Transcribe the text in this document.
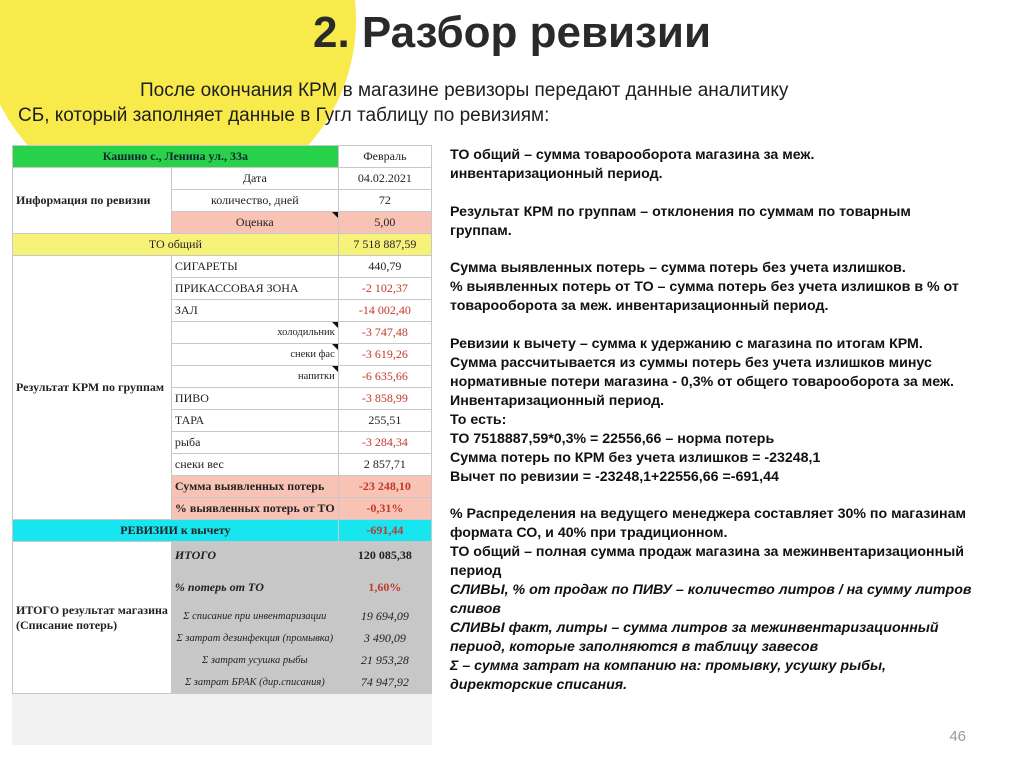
2. Разбор ревизии
После окончания КРМ в магазине ревизоры передают данные аналитику
СБ, который заполняет данные в Гугл таблицу по ревизиям:
Кашино с., Ленина ул., 33а		Февраль
Информация по ревизии	Дата	04.02.2021
	количество, дней	72
	Оценка	5,00
ТО общий		7 518 887,59
Результат КРМ по группам	СИГАРЕТЫ	440,79
	ПРИКАССОВАЯ ЗОНА	-2 102,37
	ЗАЛ	-14 002,40
	холодильник	-3 747,48
	снеки фас	-3 619,26
	напитки	-6 635,66
	ПИВО	-3 858,99
	ТАРА	255,51
	рыба	-3 284,34
	снеки вес	2 857,71
	Сумма выявленных потерь	-23 248,10
	% выявленных потерь от ТО	-0,31%
РЕВИЗИИ к вычету		-691,44
ИТОГО результат магазина
(Списание потерь)	ИТОГО	120 085,38
	% потерь от ТО	1,60%
	Σ списание при инвентаризации	19 694,09
	Σ затрат дезинфекция (промывка)	3 490,09
	Σ затрат усушка рыбы	21 953,28
	Σ затрат БРАК (дир.списания)	74 947,92

ТО общий – сумма товарооборота магазина за меж.
инвентаризационный период.

Результат КРМ по группам – отклонения по суммам по товарным
группам.

Сумма выявленных потерь – сумма потерь без учета излишков.
% выявленных потерь от ТО – сумма потерь без учета излишков в % от
товарооборота за меж. инвентаризационный период.

Ревизии к вычету – сумма к удержанию с магазина по итогам КРМ.
Сумма рассчитывается из суммы потерь без учета излишков минус
нормативные потери магазина - 0,3% от общего товарооборота за меж.
Инвентаризационный период.
То есть:
ТО 7518887,59*0,3% = 22556,66 – норма потерь
Сумма потерь по КРМ без учета излишков = -23248,1
Вычет по ревизии = -23248,1+22556,66 =-691,44

% Распределения на ведущего менеджера составляет 30% по магазинам
формата СО, и 40% при традиционном.
ТО общий – полная сумма продаж магазина за межинвентаризационный
период
СЛИВЫ, % от продаж по ПИВУ – количество литров / на сумму литров
сливов
СЛИВЫ факт, литры – сумма литров за межинвентаризационный
период, которые заполняются в таблицу завесов
Σ – сумма затрат на компанию на: промывку, усушку рыбы,
директорские списания.

46
